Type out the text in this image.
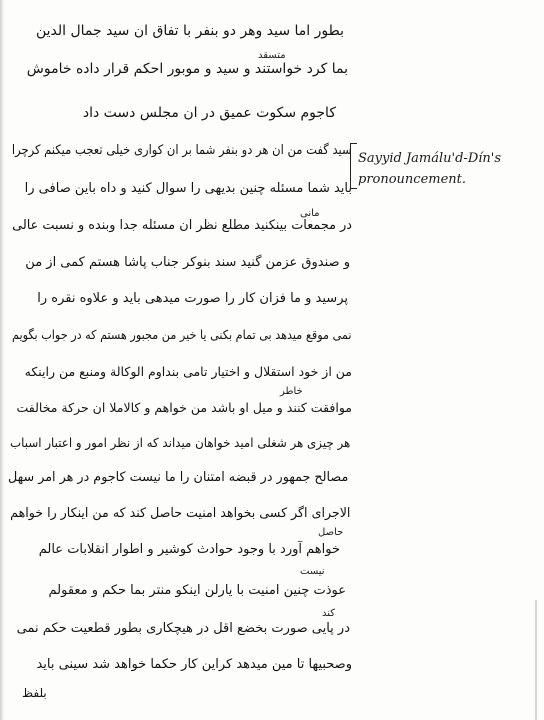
بطور اما سید وهر دو بنفر با تفاق ان سید جمال الدین
بما کرد خواستند و سید و موبور احکم قرار داده خاموش
کاجوم سکوت عمیق در ان مجلس دست داد
سید گفت من ان هر دو بنفر شما بر ان کواری خیلی تعجب میکنم کرچرا
باید شما مسئله چنین بدیهی را سوال کنید و داه باین صافی را
در مجمعات بینکنید مطلع نظر ان مسئله جدا وبنده و نسبت عالی
و صندوق عزمن گنید سند بنوکر جناب پاشا هستم کمی از من
پرسید و ما فزان کار را صورت میدهی باید و علاوه نقره را
نمی موقع میدهد بی تمام بکنی یا خیر من مجبور هستم که در جواب بگویم
من از خود استقلال و اختیار تامی بنداوم الوکالة ومنبع من راینکه
موافقت کنند و میل او باشد من خواهم و کالاملا ان حرکة مخالفت
هر چیزی هر شغلی امید خواهان میداند که از نظر امور و اعتبار اسباب
مصالح جمهور در قبضه امتنان را ما نیست کاجوم در هر امر سهل
الاجرای اگر کسی بخواهد امنیت حاصل کند که من اینکار را خواهم
خواهم آورد با وجود حوادث کوشیر و اطوار انقلابات عالم
عوذت چنین امنیت با یارلن اینکو منتر بما حکم و معقولم
در پایی صورت بخضع اقل در هیچکاری بطور قطعیت حکم نمی
وصحبیها تا مین میدهد کراین کار حکما خواهد شد سینی باید
متسقد
مانی
خاطر
حاصل
نیست
کند
Sayyid Jamálu'd-Dín's
pronouncement.
بلفظ
